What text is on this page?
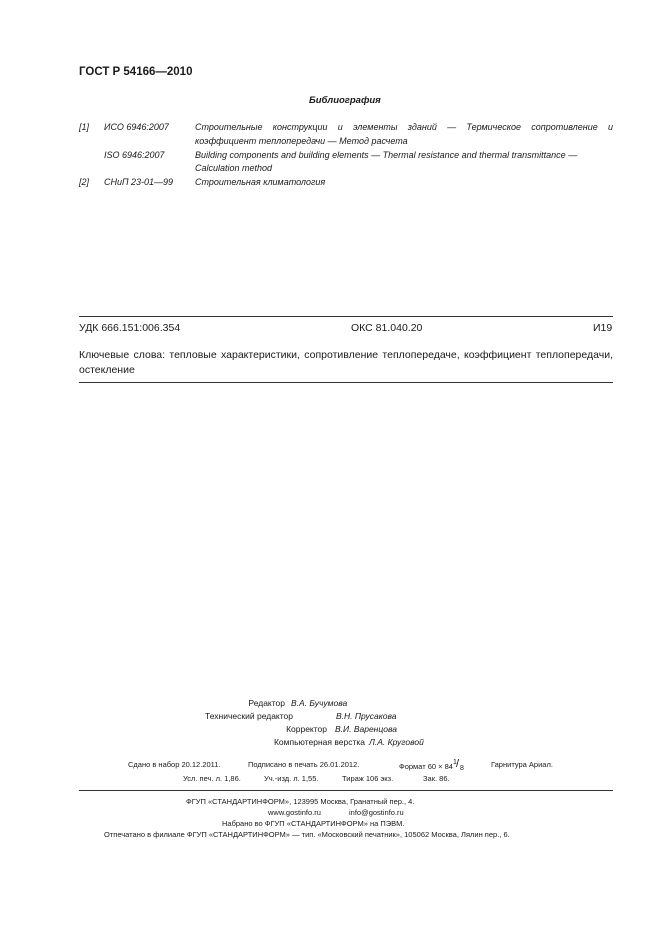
ГОСТ Р 54166—2010
Библиография
[1] ИСО 6946:2007	Строительные конструкции и элементы зданий — Термическое сопротивление и
коэффициент теплопередачи — Метод расчета
ISO 6946:2007	Building components and building elements — Thermal resistance and thermal transmittance —
Calculation method
[2] СНиП 23-01—99 Строительная климатология
УДК 666.151:006.354	ОКС 81.040.20	И19
Ключевые слова: тепловые характеристики, сопротивление теплопередаче, коэффициент теплопередачи, остекление
Редактор В.А. Бучумова
Технический редактор	В.Н. Прусакова
Корректор В.И. Варенцова
Компьютерная верстка Л.А. Круговой
Сдано в набор 20.12.2011.	Подписано в печать 26.01.2012.	Формат 60 × 84 1 / 8	Гарнитура Ариал.
Усл. печ. л. 1,86.	Уч.-изд. л. 1,55.	Тираж 106 экз.	Зак. 86.
ФГУП «СТАНДАРТИНФОРМ», 123995 Москва, Гранатный пер., 4.
www.gostinfo.ru	info@gostinfo.ru
Набрано во ФГУП «СТАНДАРТИНФОРМ» на ПЭВМ.
Отпечатано в филиале ФГУП «СТАНДАРТИНФОРМ» — тип. «Московский печатник», 105062 Москва, Лялин пер., 6.
